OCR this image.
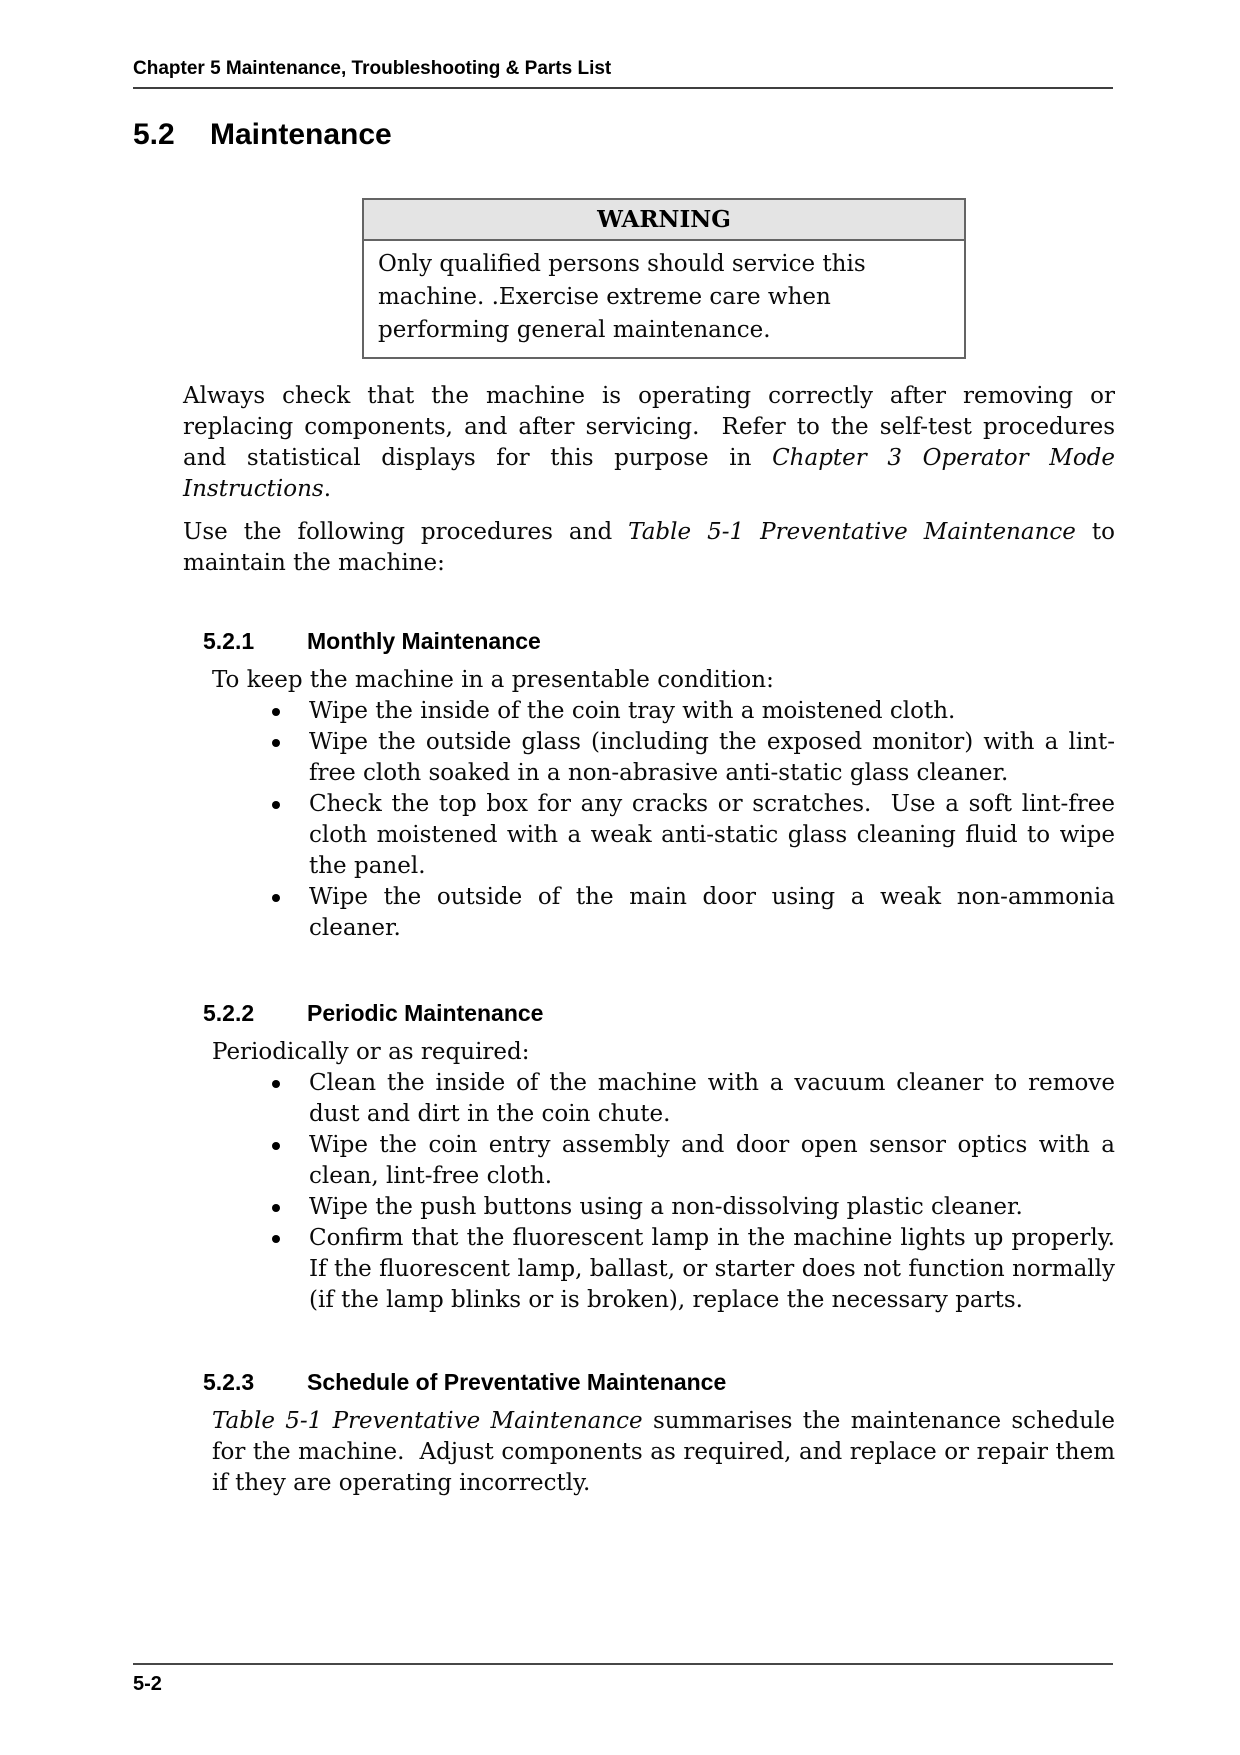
Chapter 5 Maintenance, Troubleshooting & Parts List
5.2 Maintenance
WARNING
Only qualified persons should service this machine. .Exercise extreme care when performing general maintenance.
Always check that the machine is operating correctly after removing or replacing components, and after servicing.  Refer to the self-test procedures and statistical displays for this purpose in Chapter 3 Operator Mode Instructions.
Use the following procedures and Table 5-1 Preventative Maintenance to maintain the machine:
5.2.1 Monthly Maintenance
To keep the machine in a presentable condition:
Wipe the inside of the coin tray with a moistened cloth.
Wipe the outside glass (including the exposed monitor) with a lint-free cloth soaked in a non-abrasive anti-static glass cleaner.
Check the top box for any cracks or scratches.  Use a soft lint-free cloth moistened with a weak anti-static glass cleaning fluid to wipe the panel.
Wipe the outside of the main door using a weak non-ammonia cleaner.
5.2.2 Periodic Maintenance
Periodically or as required:
Clean the inside of the machine with a vacuum cleaner to remove dust and dirt in the coin chute.
Wipe the coin entry assembly and door open sensor optics with a clean, lint-free cloth.
Wipe the push buttons using a non-dissolving plastic cleaner.
Confirm that the fluorescent lamp in the machine lights up properly.  If the fluorescent lamp, ballast, or starter does not function normally (if the lamp blinks or is broken), replace the necessary parts.
5.2.3 Schedule of Preventative Maintenance
Table 5-1 Preventative Maintenance summarises the maintenance schedule for the machine.  Adjust components as required, and replace or repair them if they are operating incorrectly.
5-2
